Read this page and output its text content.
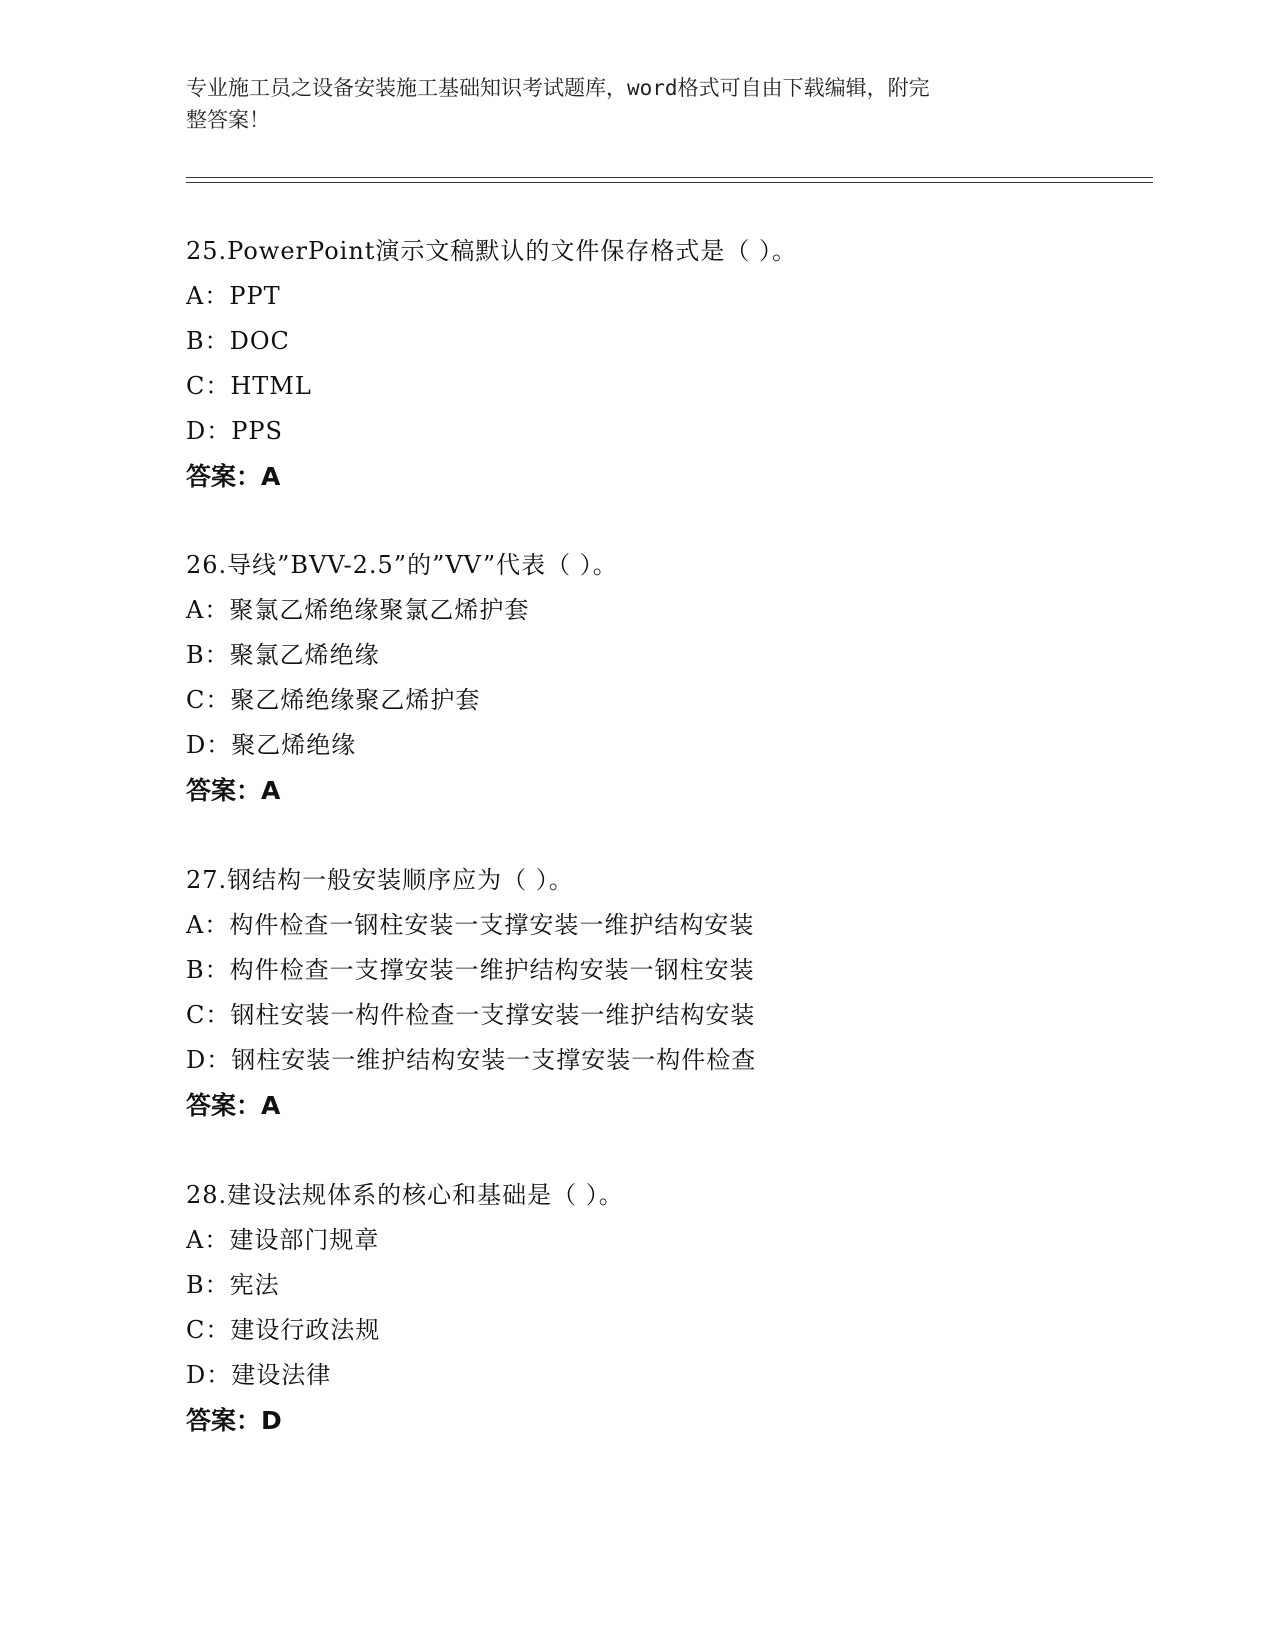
专业施工员之设备安装施工基础知识考试题库，word格式可自由下载编辑，附完
整答案！
25.PowerPoint演示文稿默认的文件保存格式是（ ）。
A：PPT
B：DOC
C：HTML
D：PPS
答案：A
26.导线”BVV-2.5”的”VV”代表（ ）。
A：聚氯乙烯绝缘聚氯乙烯护套
B：聚氯乙烯绝缘
C：聚乙烯绝缘聚乙烯护套
D：聚乙烯绝缘
答案：A
27.钢结构一般安装顺序应为（ ）。
A：构件检查一钢柱安装一支撑安装一维护结构安装
B：构件检查一支撑安装一维护结构安装一钢柱安装
C：钢柱安装一构件检查一支撑安装一维护结构安装
D：钢柱安装一维护结构安装一支撑安装一构件检查
答案：A
28.建设法规体系的核心和基础是（ ）。
A：建设部门规章
B：宪法
C：建设行政法规
D：建设法律
答案：D
